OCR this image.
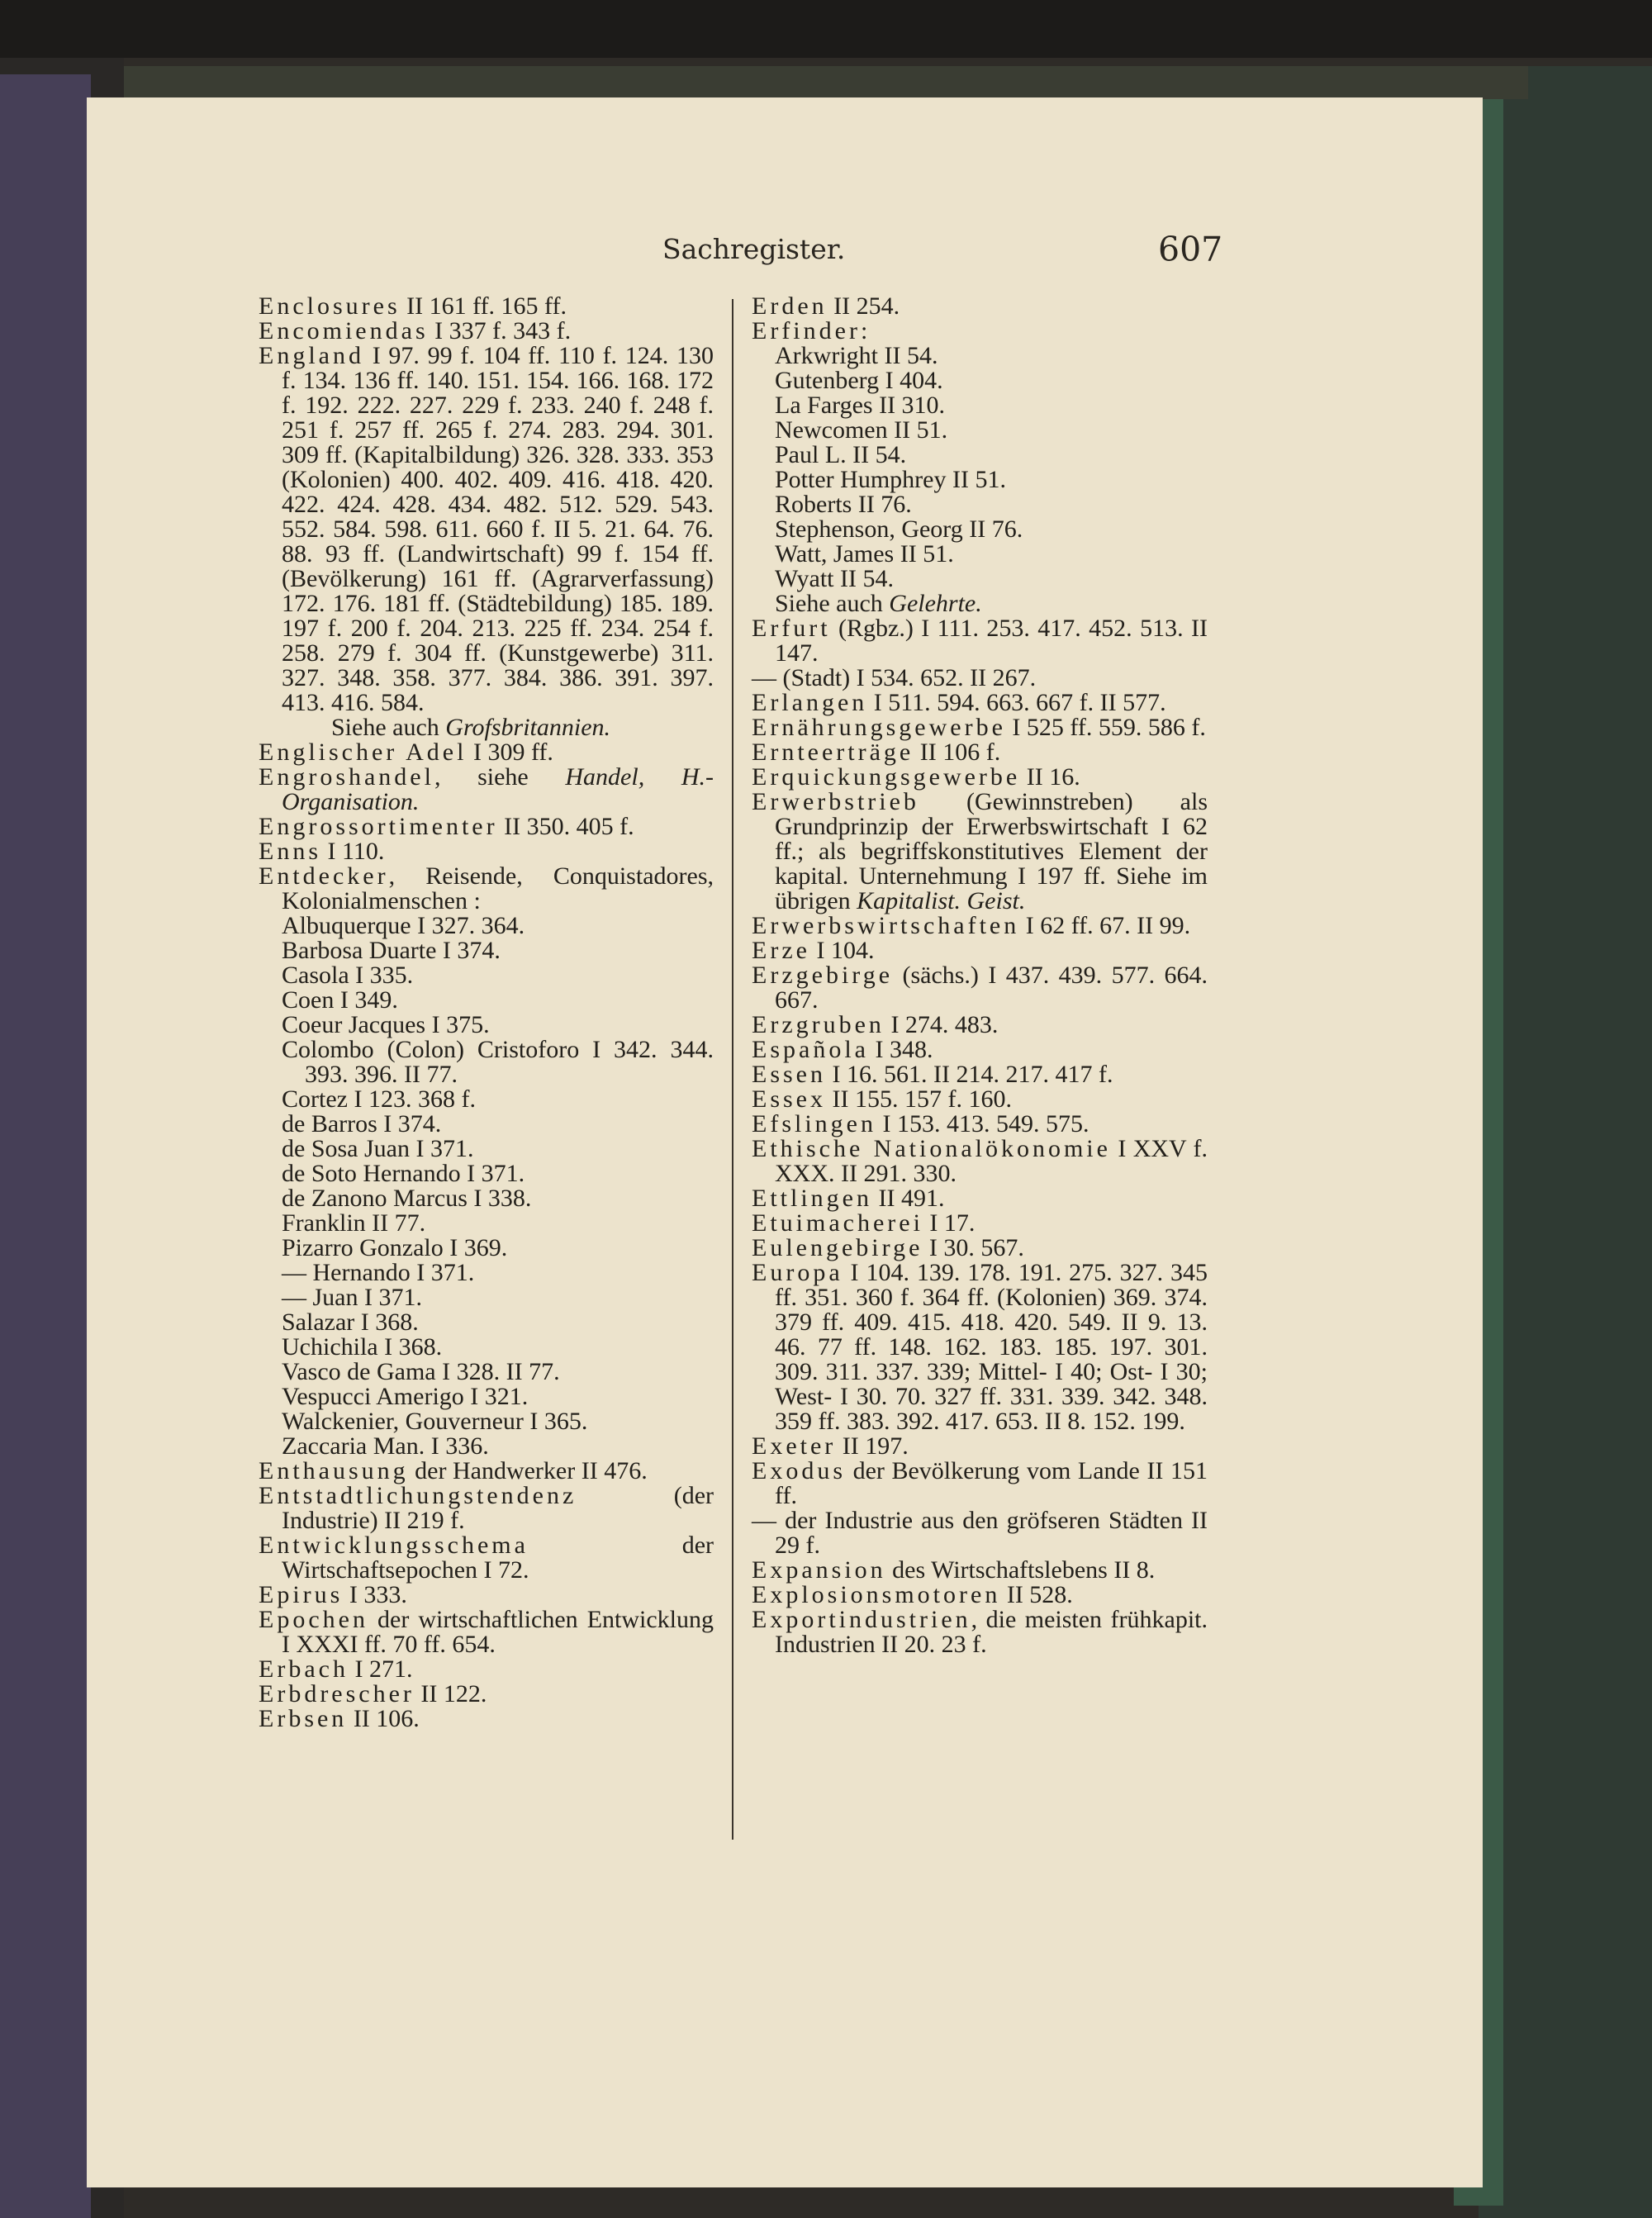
Sachregister.	607
Enclosures II 161 ff. 165 ff.
Encomiendas I 337 f. 343 f.
England I 97. 99 f. 104 ff. 110 f. 124. 130 f. 134. 136 ff. 140. 151. 154. 166. 168. 172 f. 192. 222. 227. 229 f. 233. 240 f. 248 f. 251 f. 257 ff. 265 f. 274. 283. 294. 301. 309 ff. (Kapitalbildung) 326. 328. 333. 353 (Kolonien) 400. 402. 409. 416. 418. 420. 422. 424. 428. 434. 482. 512. 529. 543. 552. 584. 598. 611. 660 f. II 5. 21. 64. 76. 88. 93 ff. (Landwirtschaft) 99 f. 154 ff. (Bevölkerung) 161 ff. (Agrarverfassung) 172. 176. 181 ff. (Städtebildung) 185. 189. 197 f. 200 f. 204. 213. 225 ff. 234. 254 f. 258. 279 f. 304 ff. (Kunstgewerbe) 311. 327. 348. 358. 377. 384. 386. 391. 397. 413. 416. 584.
Siehe auch Grofsbritannien.
Englischer Adel I 309 ff.
Engroshandel, siehe Handel, H.-Organisation.
Engrossortimenter II 350. 405 f.
Enns I 110.
Entdecker, Reisende, Conquistadores, Kolonialmenschen :
Albuquerque I 327. 364.
Barbosa Duarte I 374.
Casola I 335.
Coen I 349.
Coeur Jacques I 375.
Colombo (Colon) Cristoforo I 342. 344. 393. 396. II 77.
Cortez I 123. 368 f.
de Barros I 374.
de Sosa Juan I 371.
de Soto Hernando I 371.
de Zanono Marcus I 338.
Franklin II 77.
Pizarro Gonzalo I 369.
— Hernando I 371.
— Juan I 371.
Salazar I 368.
Uchichila I 368.
Vasco de Gama I 328. II 77.
Vespucci Amerigo I 321.
Walckenier, Gouverneur I 365.
Zaccaria Man. I 336.
Enthausung der Handwerker II 476.
Entstadtlichungstendenz (der Industrie) II 219 f.
Entwicklungsschema der Wirtschaftsepochen I 72.
Epirus I 333.
Epochen der wirtschaftlichen Entwicklung I XXXI ff. 70 ff. 654.
Erbach I 271.
Erbdrescher II 122.
Erbsen II 106.
Erden II 254.
Erfinder:
Arkwright II 54.
Gutenberg I 404.
La Farges II 310.
Newcomen II 51.
Paul L. II 54.
Potter Humphrey II 51.
Roberts II 76.
Stephenson, Georg II 76.
Watt, James II 51.
Wyatt II 54.
Siehe auch Gelehrte.
Erfurt (Rgbz.) I 111. 253. 417. 452. 513. II 147.
— (Stadt) I 534. 652. II 267.
Erlangen I 511. 594. 663. 667 f. II 577.
Ernährungsgewerbe I 525 ff. 559. 586 f.
Ernteerträge II 106 f.
Erquickungsgewerbe II 16.
Erwerbstrieb (Gewinnstreben) als Grundprinzip der Erwerbswirtschaft I 62 ff.; als begriffskonstitutives Element der kapital. Unternehmung I 197 ff. Siehe im übrigen Kapitalist. Geist.
Erwerbswirtschaften I 62 ff. 67. II 99.
Erze I 104.
Erzgebirge (sächs.) I 437. 439. 577. 664. 667.
Erzgruben I 274. 483.
Española I 348.
Essen I 16. 561. II 214. 217. 417 f.
Essex II 155. 157 f. 160.
Efslingen I 153. 413. 549. 575.
Ethische Nationalökonomie I XXV f. XXX. II 291. 330.
Ettlingen II 491.
Etuimacherei I 17.
Eulengebirge I 30. 567.
Europa I 104. 139. 178. 191. 275. 327. 345 ff. 351. 360 f. 364 ff. (Kolonien) 369. 374. 379 ff. 409. 415. 418. 420. 549. II 9. 13. 46. 77 ff. 148. 162. 183. 185. 197. 301. 309. 311. 337. 339; Mittel- I 40; Ost- I 30; West- I 30. 70. 327 ff. 331. 339. 342. 348. 359 ff. 383. 392. 417. 653. II 8. 152. 199.
Exeter II 197.
Exodus der Bevölkerung vom Lande II 151 ff.
— der Industrie aus den gröfseren Städten II 29 f.
Expansion des Wirtschaftslebens II 8.
Explosionsmotoren II 528.
Exportindustrien, die meisten frühkapit. Industrien II 20. 23 f.
